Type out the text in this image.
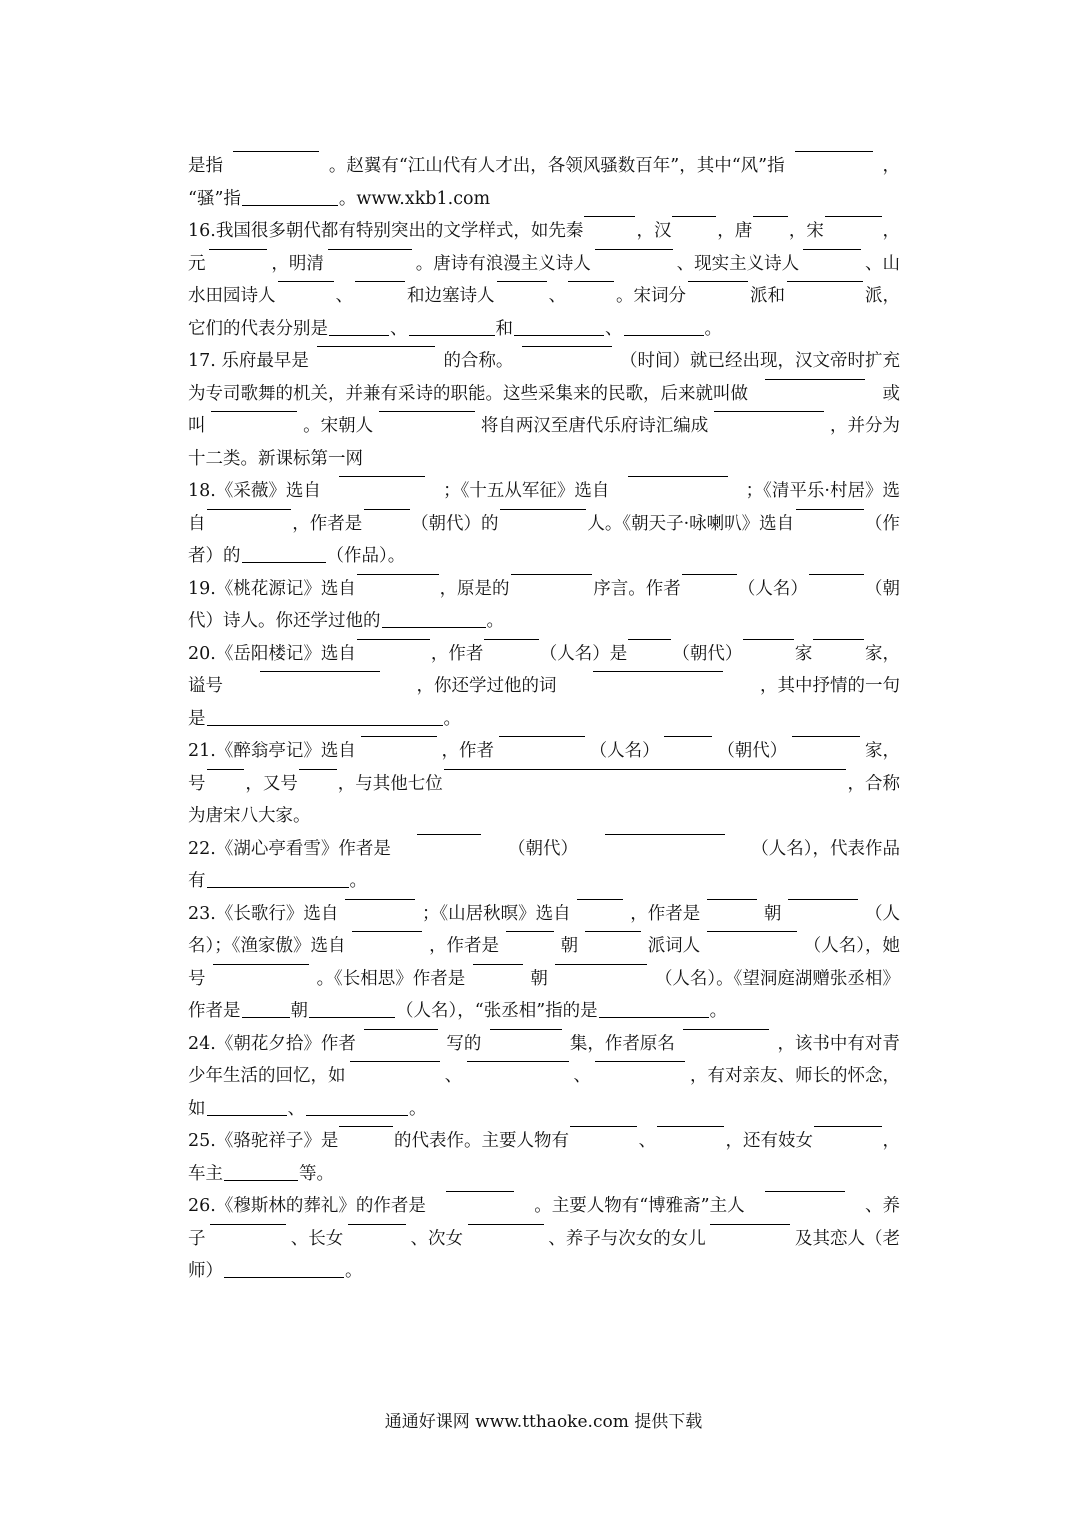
是指	。赵翼有“江山代有人才出，各领风骚数百年”，其中“风”指	，
“骚”指	。www.xkb1.com
16.我国很多朝代都有特别突出的文学样式，如先秦	，汉	，唐 ，宋	，
元	，明清	。唐诗有浪漫主义诗人	、现实主义诗人	、山
水田园诗人	、	和边塞诗人	、	。宋词分	派和	派，
它们的代表分别是	、	和	、	。
17. 乐府最早是	的合称。	（时间）就已经出现，汉文帝时扩充
为专司歌舞的机关，并兼有采诗的职能。这些采集来的民歌，后来就叫做	或
叫	。宋朝人	将自两汉至唐代乐府诗汇编成	，并分为
十二类。新课标第一网
18.《采薇》选自	；《十五从军征》选自	；《清平乐·村居》选
自	，作者是	（朝代）的	人。《朝天子·咏喇叭》选自	（作
者）的	（作品）。
19.《桃花源记》选自	，原是的	序言。作者	（人名）	（朝
代）诗人。你还学过他的	。
20.《岳阳楼记》选自	，作者	（人名）是	（朝代）	家	家，
谥号	，你还学过他的词	，其中抒情的一句
是	。
21.《醉翁亭记》选自	，作者	（人名）	（朝代）	家，
号 ，又号 ，与其他七位	，合称
为唐宋八大家。
22.《湖心亭看雪》作者是	（朝代）	（人名），代表作品
有	。
23.《长歌行》选自	；《山居秋暝》选自	，作者是	朝	（人
名）；《渔家傲》选自	，作者是	朝	派词人	（人名），她
号	。《长相思》作者是	朝	（人名）。《望洞庭湖赠张丞相》
作者是	朝	（人名），“张丞相”指的是	。
24.《朝花夕拾》作者	写的	集，作者原名	，该书中有对青
少年生活的回忆，如	、	、	，有对亲友、师长的怀念，
如	、	。
25.《骆驼祥子》是	的代表作。主要人物有	、	，还有妓女	，
车主	等。
26.《穆斯林的葬礼》的作者是	。主要人物有“博雅斋”主人	、养
子	、长女	、次女	、养子与次女的女儿	及其恋人（老
师）	。
通通好课网 www.tthaoke.com 提供下载
